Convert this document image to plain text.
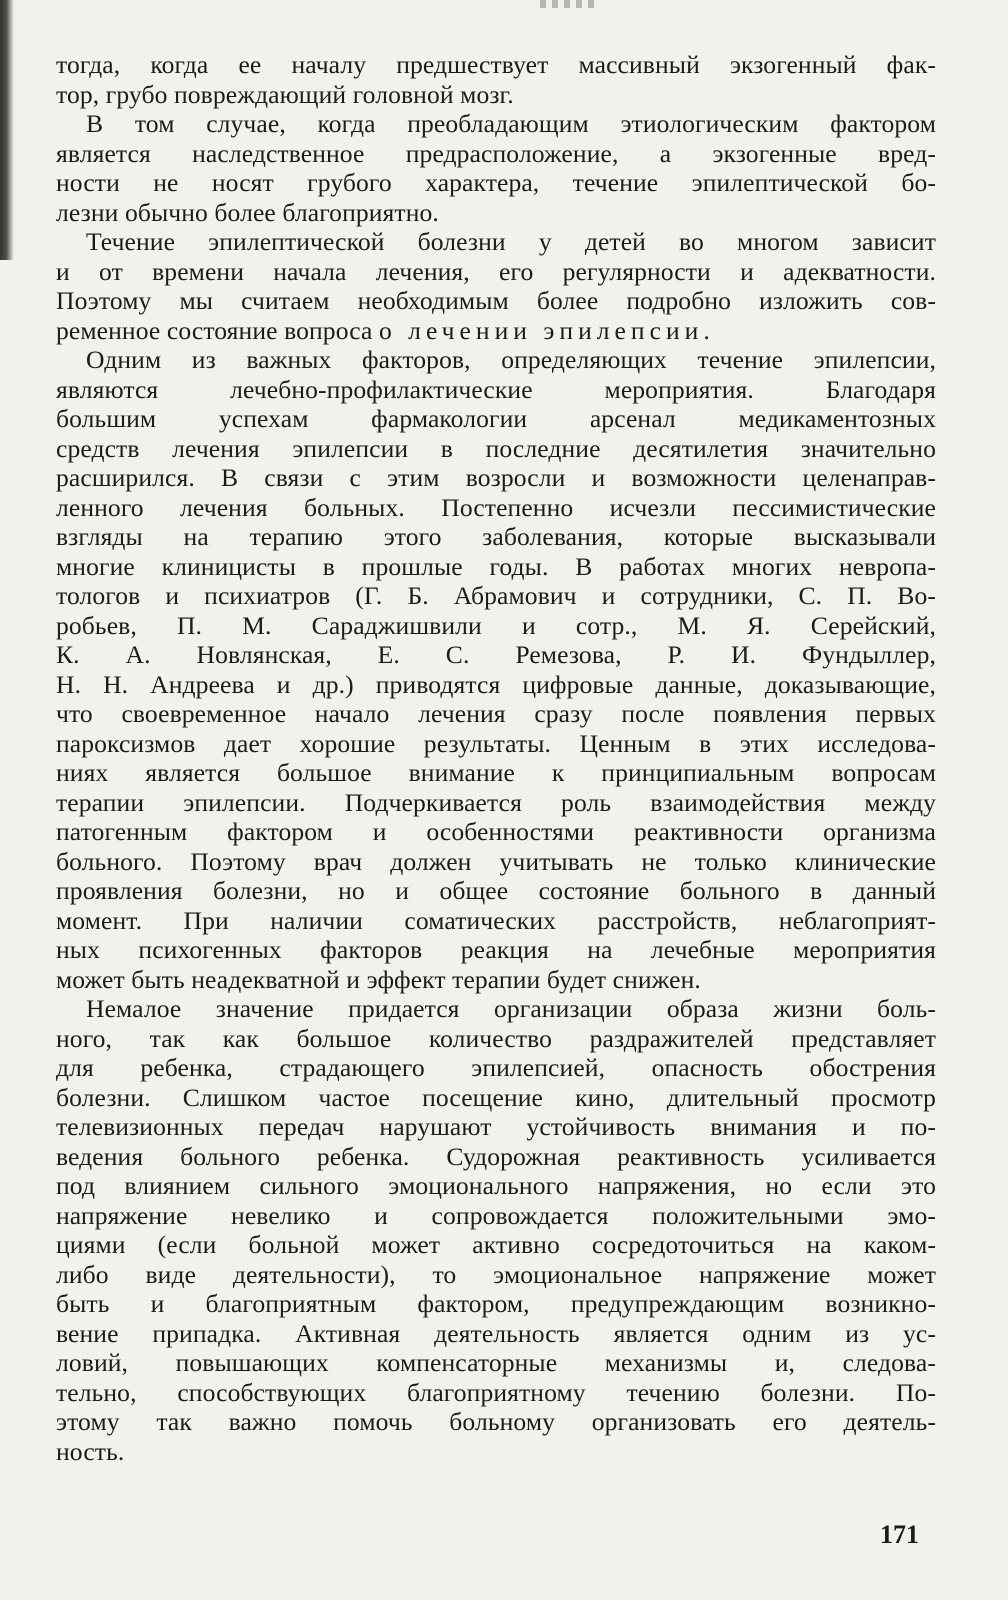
тогда, когда ее началу предшествует массивный экзогенный фак-
тор, грубо повреждающий головной мозг.
В том случае, когда преобладающим этиологическим фактором
является наследственное предрасположение, а экзогенные вред-
ности не носят грубого характера, течение эпилептической бо-
лезни обычно более благоприятно.
Течение эпилептической болезни у детей во многом зависит
и от времени начала лечения, его регулярности и адекватности.
Поэтому мы считаем необходимым более подробно изложить сов-
ременное состояние вопроса о лечении эпилепсии.
Одним из важных факторов, определяющих течение эпилепсии,
являются лечебно-профилактические мероприятия. Благодаря
большим успехам фармакологии арсенал медикаментозных
средств лечения эпилепсии в последние десятилетия значительно
расширился. В связи с этим возросли и возможности целенаправ-
ленного лечения больных. Постепенно исчезли пессимистические
взгляды на терапию этого заболевания, которые высказывали
многие клиницисты в прошлые годы. В работах многих невропа-
тологов и психиатров (Г. Б. Абрамович и сотрудники, С. П. Во-
робьев, П. М. Сараджишвили и сотр., М. Я. Серейский,
К. А. Новлянская, Е. С. Ремезова, Р. И. Фундыллер,
Н. Н. Андреева и др.) приводятся цифровые данные, доказывающие,
что своевременное начало лечения сразу после появления первых
пароксизмов дает хорошие результаты. Ценным в этих исследова-
ниях является большое внимание к принципиальным вопросам
терапии эпилепсии. Подчеркивается роль взаимодействия между
патогенным фактором и особенностями реактивности организма
больного. Поэтому врач должен учитывать не только клинические
проявления болезни, но и общее состояние больного в данный
момент. При наличии соматических расстройств, неблагоприят-
ных психогенных факторов реакция на лечебные мероприятия
может быть неадекватной и эффект терапии будет снижен.
Немалое значение придается организации образа жизни боль-
ного, так как большое количество раздражителей представляет
для ребенка, страдающего эпилепсией, опасность обострения
болезни. Слишком частое посещение кино, длительный просмотр
телевизионных передач нарушают устойчивость внимания и по-
ведения больного ребенка. Судорожная реактивность усиливается
под влиянием сильного эмоционального напряжения, но если это
напряжение невелико и сопровождается положительными эмо-
циями (если больной может активно сосредоточиться на каком-
либо виде деятельности), то эмоциональное напряжение может
быть и благоприятным фактором, предупреждающим возникно-
вение припадка. Активная деятельность является одним из ус-
ловий, повышающих компенсаторные механизмы и, следова-
тельно, способствующих благоприятному течению болезни. По-
этому так важно помочь больному организовать его деятель-
ность.
171
